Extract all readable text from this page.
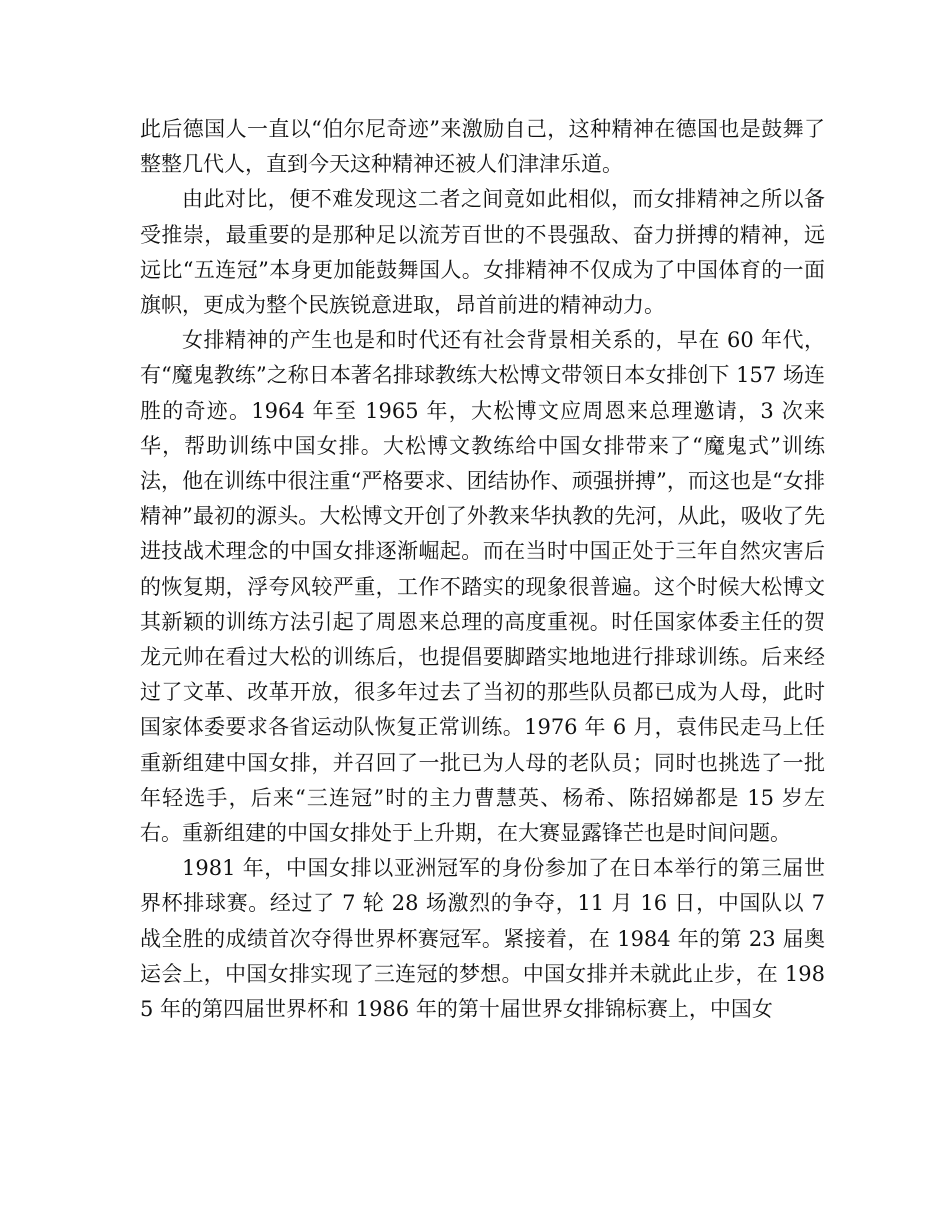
此后德国人一直以“伯尔尼奇迹”来激励自己，这种精神在德国也是鼓舞了整整几代人，直到今天这种精神还被人们津津乐道。

由此对比，便不难发现这二者之间竟如此相似，而女排精神之所以备受推崇，最重要的是那种足以流芳百世的不畏强敌、奋力拼搏的精神，远远比“五连冠”本身更加能鼓舞国人。女排精神不仅成为了中国体育的一面旗帜，更成为整个民族锐意进取，昂首前进的精神动力。

女排精神的产生也是和时代还有社会背景相关系的，早在 60 年代，有“魔鬼教练”之称日本著名排球教练大松博文带领日本女排创下 157 场连胜的奇迹。1964 年至 1965 年，大松博文应周恩来总理邀请，3 次来华，帮助训练中国女排。大松博文教练给中国女排带来了“魔鬼式”训练法，他在训练中很注重“严格要求、团结协作、顽强拼搏”，而这也是“女排精神”最初的源头。大松博文开创了外教来华执教的先河，从此，吸收了先进技战术理念的中国女排逐渐崛起。而在当时中国正处于三年自然灾害后的恢复期，浮夸风较严重，工作不踏实的现象很普遍。这个时候大松博文其新颖的训练方法引起了周恩来总理的高度重视。时任国家体委主任的贺龙元帅在看过大松的训练后，也提倡要脚踏实地地进行排球训练。后来经过了文革、改革开放，很多年过去了当初的那些队员都已成为人母，此时国家体委要求各省运动队恢复正常训练。1976 年 6 月，袁伟民走马上任重新组建中国女排，并召回了一批已为人母的老队员；同时也挑选了一批年轻选手，后来“三连冠”时的主力曹慧英、杨希、陈招娣都是 15 岁左右。重新组建的中国女排处于上升期，在大赛显露锋芒也是时间问题。

1981 年，中国女排以亚洲冠军的身份参加了在日本举行的第三届世界杯排球赛。经过了 7 轮 28 场激烈的争夺，11 月 16 日，中国队以 7 战全胜的成绩首次夺得世界杯赛冠军。紧接着，在 1984 年的第 23 届奥运会上，中国女排实现了三连冠的梦想。中国女排并未就此止步，在 1985 年的第四届世界杯和 1986 年的第十届世界女排锦标赛上，中国女
